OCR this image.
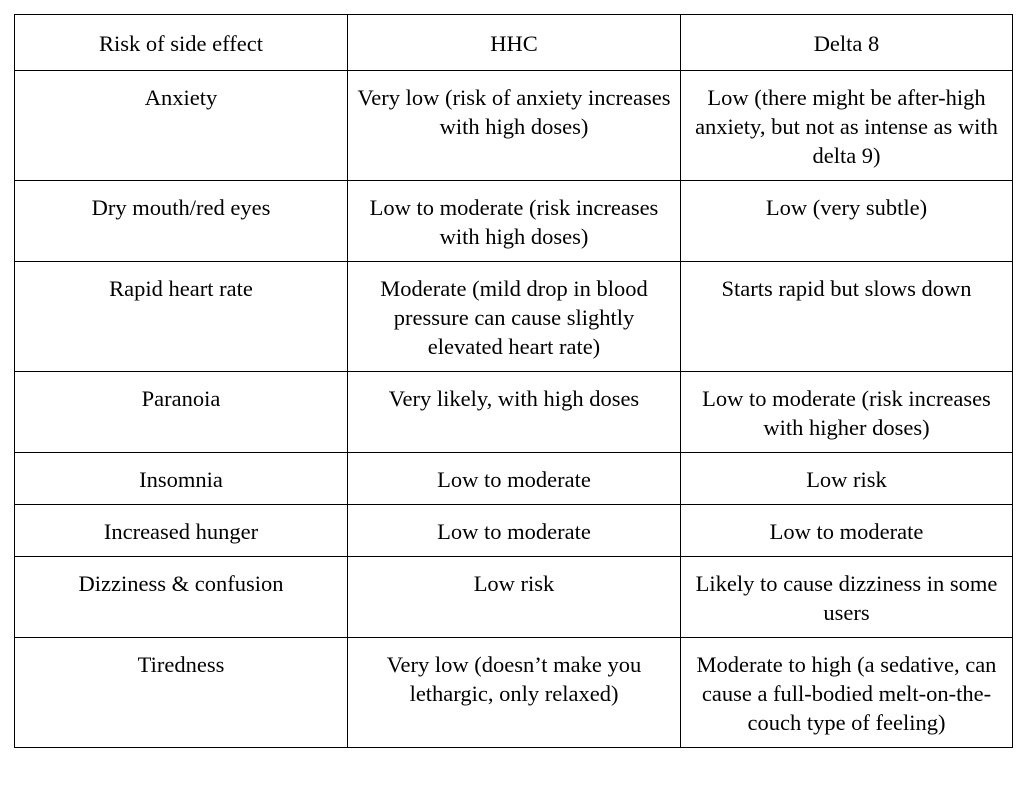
Risk of side effect	HHC	Delta 8
Anxiety	Very low (risk of anxiety increases with high doses)	Low (there might be after-high anxiety, but not as intense as with delta 9)
Dry mouth/red eyes	Low to moderate (risk increases with high doses)	Low (very subtle)
Rapid heart rate	Moderate (mild drop in blood pressure can cause slightly elevated heart rate)	Starts rapid but slows down
Paranoia	Very likely, with high doses	Low to moderate (risk increases with higher doses)
Insomnia	Low to moderate	Low risk
Increased hunger	Low to moderate	Low to moderate
Dizziness & confusion	Low risk	Likely to cause dizziness in some users
Tiredness	Very low (doesn’t make you lethargic, only relaxed)	Moderate to high (a sedative, can cause a full-bodied melt-on-the-couch type of feeling)
